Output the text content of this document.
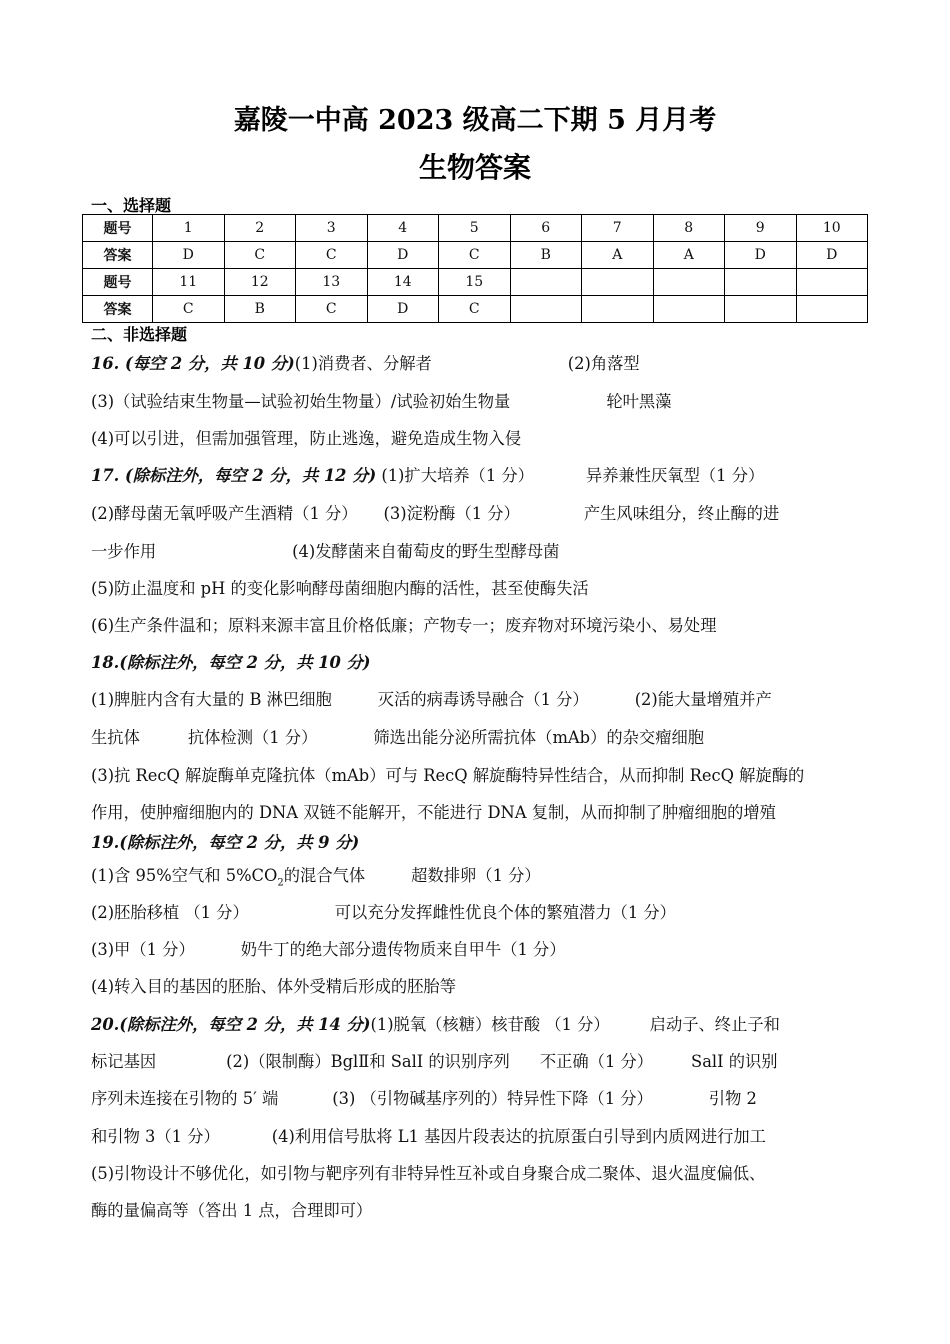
嘉陵一中高 2023 级高二下期 5 月月考
生物答案
一、选择题
题号	1	2	3	4	5	6	7	8	9	10
答案	D	C	C	D	C	B	A	A	D	D
题号	11	12	13	14	15					
答案	C	B	C	D	C					
二、非选择题
16. (每空 2 分，共 10 分)(1)消费者、分解者	(2)角落型
(3)（试验结束生物量—试验初始生物量）/试验初始生物量	轮叶黑藻
(4)可以引进，但需加强管理，防止逃逸，避免造成生物入侵
17. (除标注外，每空 2 分，共 12 分) (1)扩大培养（1 分）	异养兼性厌氧型（1 分）
(2)酵母菌无氧呼吸产生酒精（1 分） (3)淀粉酶（1 分）	产生风味组分，终止酶的进
一步作用	(4)发酵菌来自葡萄皮的野生型酵母菌
(5)防止温度和 pH 的变化影响酵母菌细胞内酶的活性，甚至使酶失活
(6)生产条件温和；原料来源丰富且价格低廉；产物专一；废弃物对环境污染小、易处理
18.(除标注外，每空 2 分，共 10 分)
(1)脾脏内含有大量的 B 淋巴细胞	灭活的病毒诱导融合（1 分）	(2)能大量增殖并产
生抗体	抗体检测（1 分）	筛选出能分泌所需抗体（mAb）的杂交瘤细胞
(3)抗 RecQ 解旋酶单克隆抗体（mAb）可与 RecQ 解旋酶特异性结合，从而抑制 RecQ 解旋酶的
作用，使肿瘤细胞内的 DNA 双链不能解开，不能进行 DNA 复制，从而抑制了肿瘤细胞的增殖
19.(除标注外，每空 2 分，共 9 分)
(1)含 95%空气和 $5\%CO_2$的混合气体	超数排卵（1 分）
(2)胚胎移植 （1 分）	可以充分发挥雌性优良个体的繁殖潜力（1 分）
(3)甲（1 分）	奶牛丁的绝大部分遗传物质来自甲牛（1 分）
(4)转入目的基因的胚胎、体外受精后形成的胚胎等
20.(除标注外，每空 2 分，共 14 分)(1)脱氧（核糖）核苷酸 （1 分） 启动子、终止子和
标记基因	(2)（限制酶）BglⅡ和 SalI 的识别序列 不正确（1 分） SalI 的识别
序列未连接在引物的 5′ 端	(3) （引物碱基序列的）特异性下降（1 分）	引物 2
和引物 3（1 分）	(4)利用信号肽将 L1 基因片段表达的抗原蛋白引导到内质网进行加工
(5)引物设计不够优化，如引物与靶序列有非特异性互补或自身聚合成二聚体、退火温度偏低、
酶的量偏高等（答出 1 点，合理即可）
